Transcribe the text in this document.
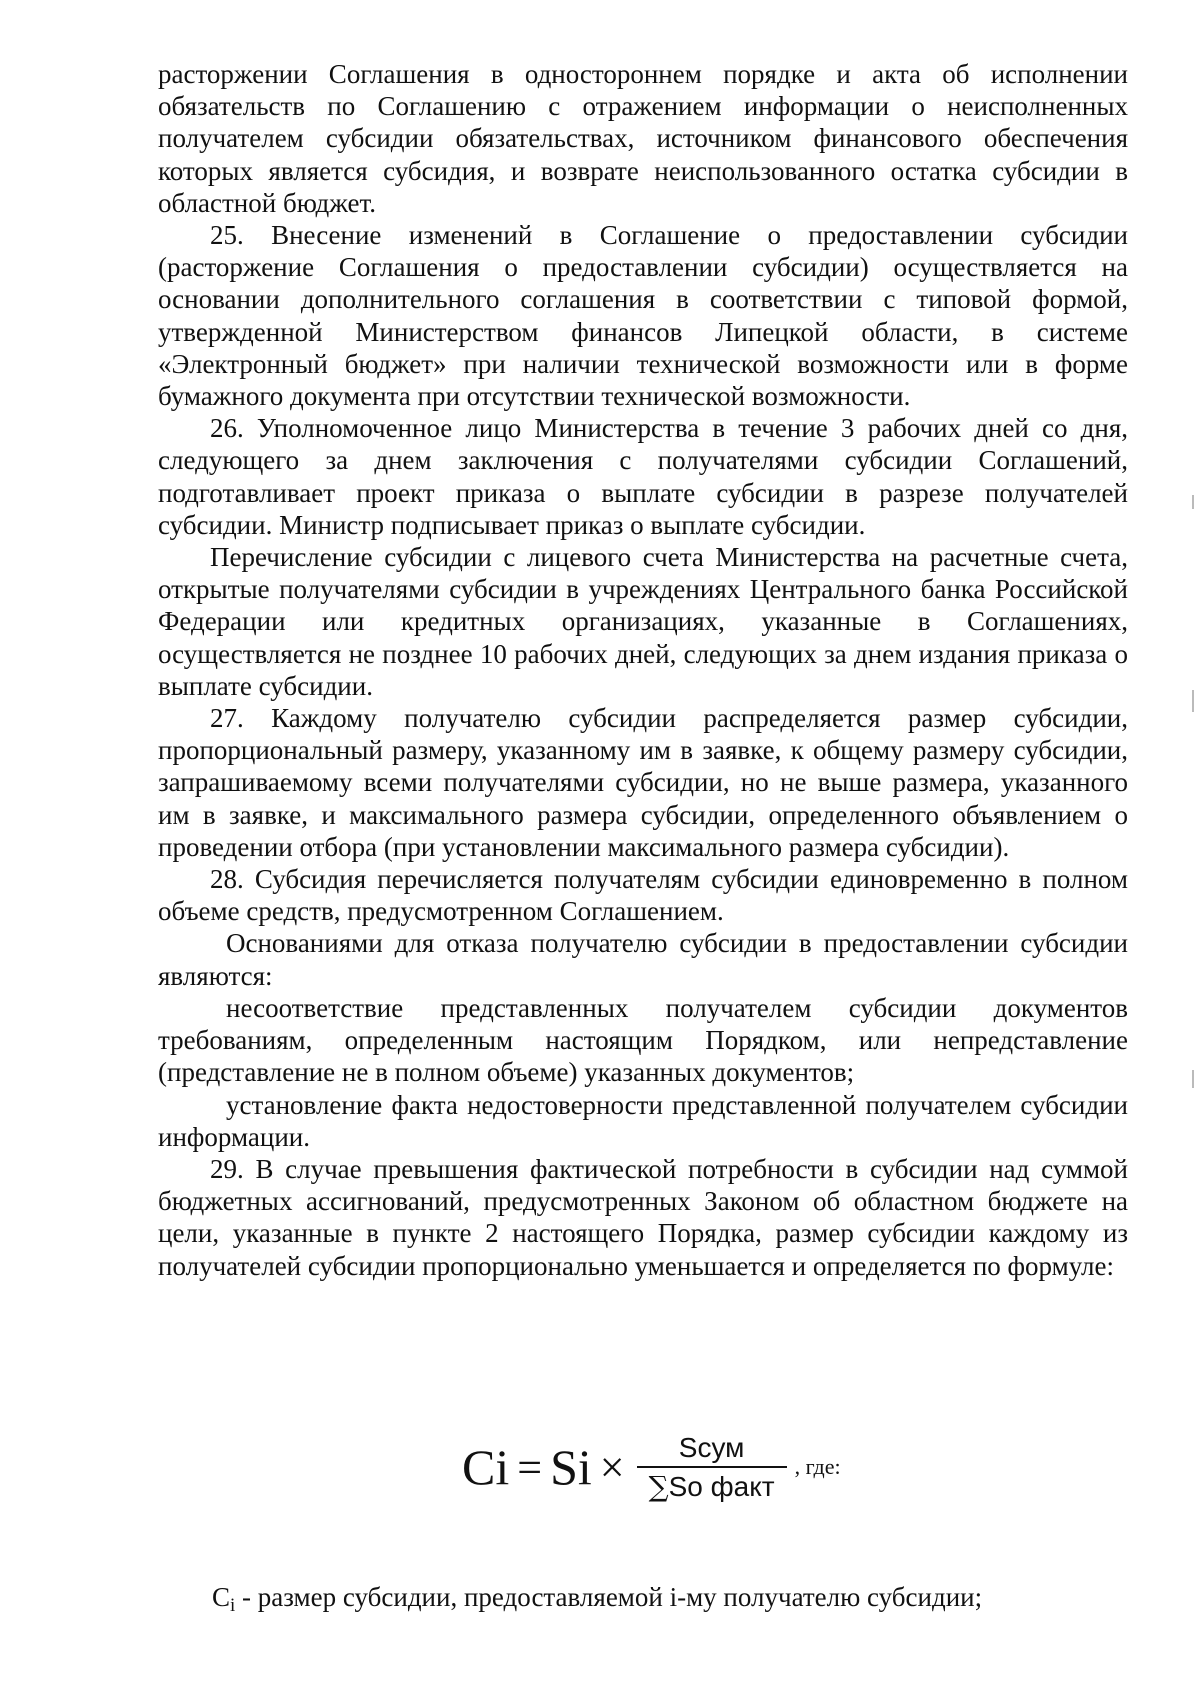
расторжении Соглашения в одностороннем порядке и акта об исполнении обязательств по Соглашению с отражением информации о неисполненных получателем субсидии обязательствах, источником финансового обеспечения которых является субсидия, и возврате неиспользованного остатка субсидии в областной бюджет.

25. Внесение изменений в Соглашение о предоставлении субсидии (расторжение Соглашения о предоставлении субсидии) осуществляется на основании дополнительного соглашения в соответствии с типовой формой, утвержденной Министерством финансов Липецкой области, в системе «Электронный бюджет» при наличии технической возможности или в форме бумажного документа при отсутствии технической возможности.

26. Уполномоченное лицо Министерства в течение 3 рабочих дней со дня, следующего за днем заключения с получателями субсидии Соглашений, подготавливает проект приказа о выплате субсидии в разрезе получателей субсидии. Министр подписывает приказ о выплате субсидии.

Перечисление субсидии с лицевого счета Министерства на расчетные счета, открытые получателями субсидии в учреждениях Центрального банка Российской Федерации или кредитных организациях, указанные в Соглашениях, осуществляется не позднее 10 рабочих дней, следующих за днем издания приказа о выплате субсидии.

27. Каждому получателю субсидии распределяется размер субсидии, пропорциональный размеру, указанному им в заявке, к общему размеру субсидии, запрашиваемому всеми получателями субсидии, но не выше размера, указанного им в заявке, и максимального размера субсидии, определенного объявлением о проведении отбора (при установлении максимального размера субсидии).

28. Субсидия перечисляется получателям субсидии единовременно в полном объеме средств, предусмотренном Соглашением.

Основаниями для отказа получателю субсидии в предоставлении субсидии являются:

несоответствие представленных получателем субсидии документов требованиям, определенным настоящим Порядком, или непредставление (представление не в полном объеме) указанных документов;

установление факта недостоверности представленной получателем субсидии информации.

29. В случае превышения фактической потребности в субсидии над суммой бюджетных ассигнований, предусмотренных Законом об областном бюджете на цели, указанные в пункте 2 настоящего Порядка, размер субсидии каждому из получателей субсидии пропорционально уменьшается и определяется по формуле:

$Ci = Si \times \frac{\text{Sсум}}{\text{∑So факт}}$ , где:
$C_i$ - размер субсидии, предоставляемой i-му получателю субсидии;
